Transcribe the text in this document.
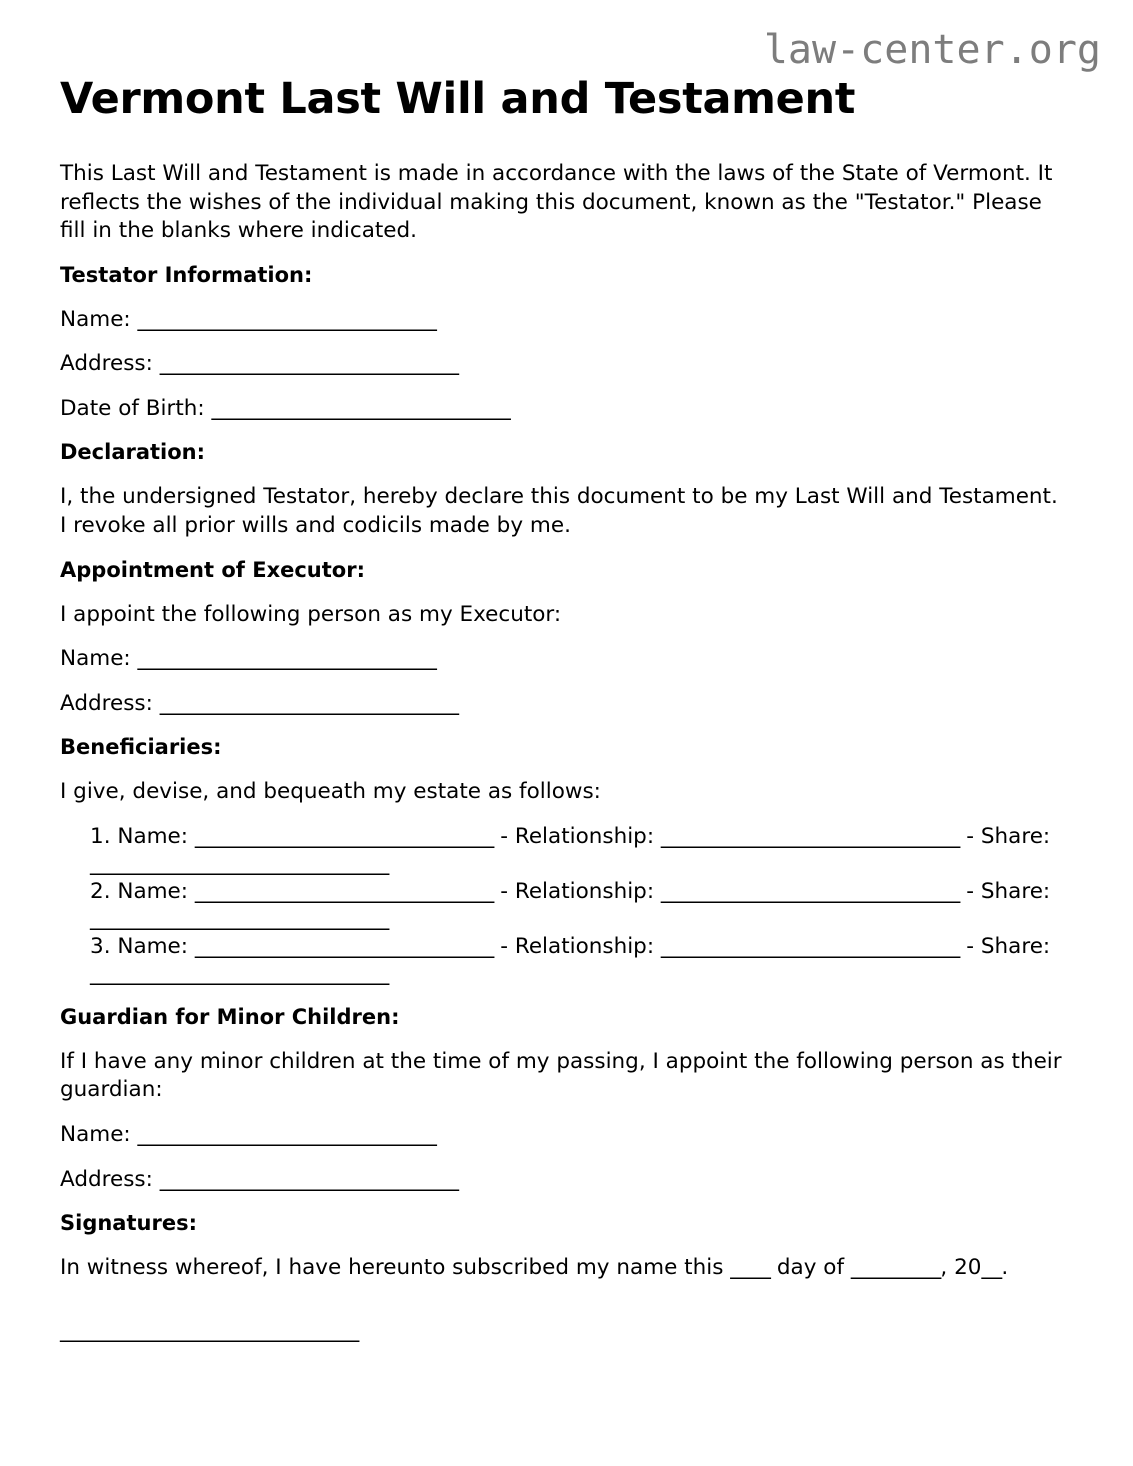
law-center.org
Vermont Last Will and Testament

This Last Will and Testament is made in accordance with the laws of the State of Vermont. It reflects the wishes of the individual making this document, known as the "Testator." Please fill in the blanks where indicated.

Testator Information:

Name: ______________________________

Address: ______________________________

Date of Birth: ______________________________

Declaration:

I, the undersigned Testator, hereby declare this document to be my Last Will and Testament. I revoke all prior wills and codicils made by me.

Appointment of Executor:

I appoint the following person as my Executor:

Name: ______________________________

Address: ______________________________

Beneficiaries:

I give, devise, and bequeath my estate as follows:

Name: ______________________________ - Relationship: ______________________________ - Share: ______________________________
Name: ______________________________ - Relationship: ______________________________ - Share: ______________________________
Name: ______________________________ - Relationship: ______________________________ - Share: ______________________________
Guardian for Minor Children:

If I have any minor children at the time of my passing, I appoint the following person as their guardian:

Name: ______________________________

Address: ______________________________

Signatures:

In witness whereof, I have hereunto subscribed my name this ____ day of _________, 20__.

______________________________
